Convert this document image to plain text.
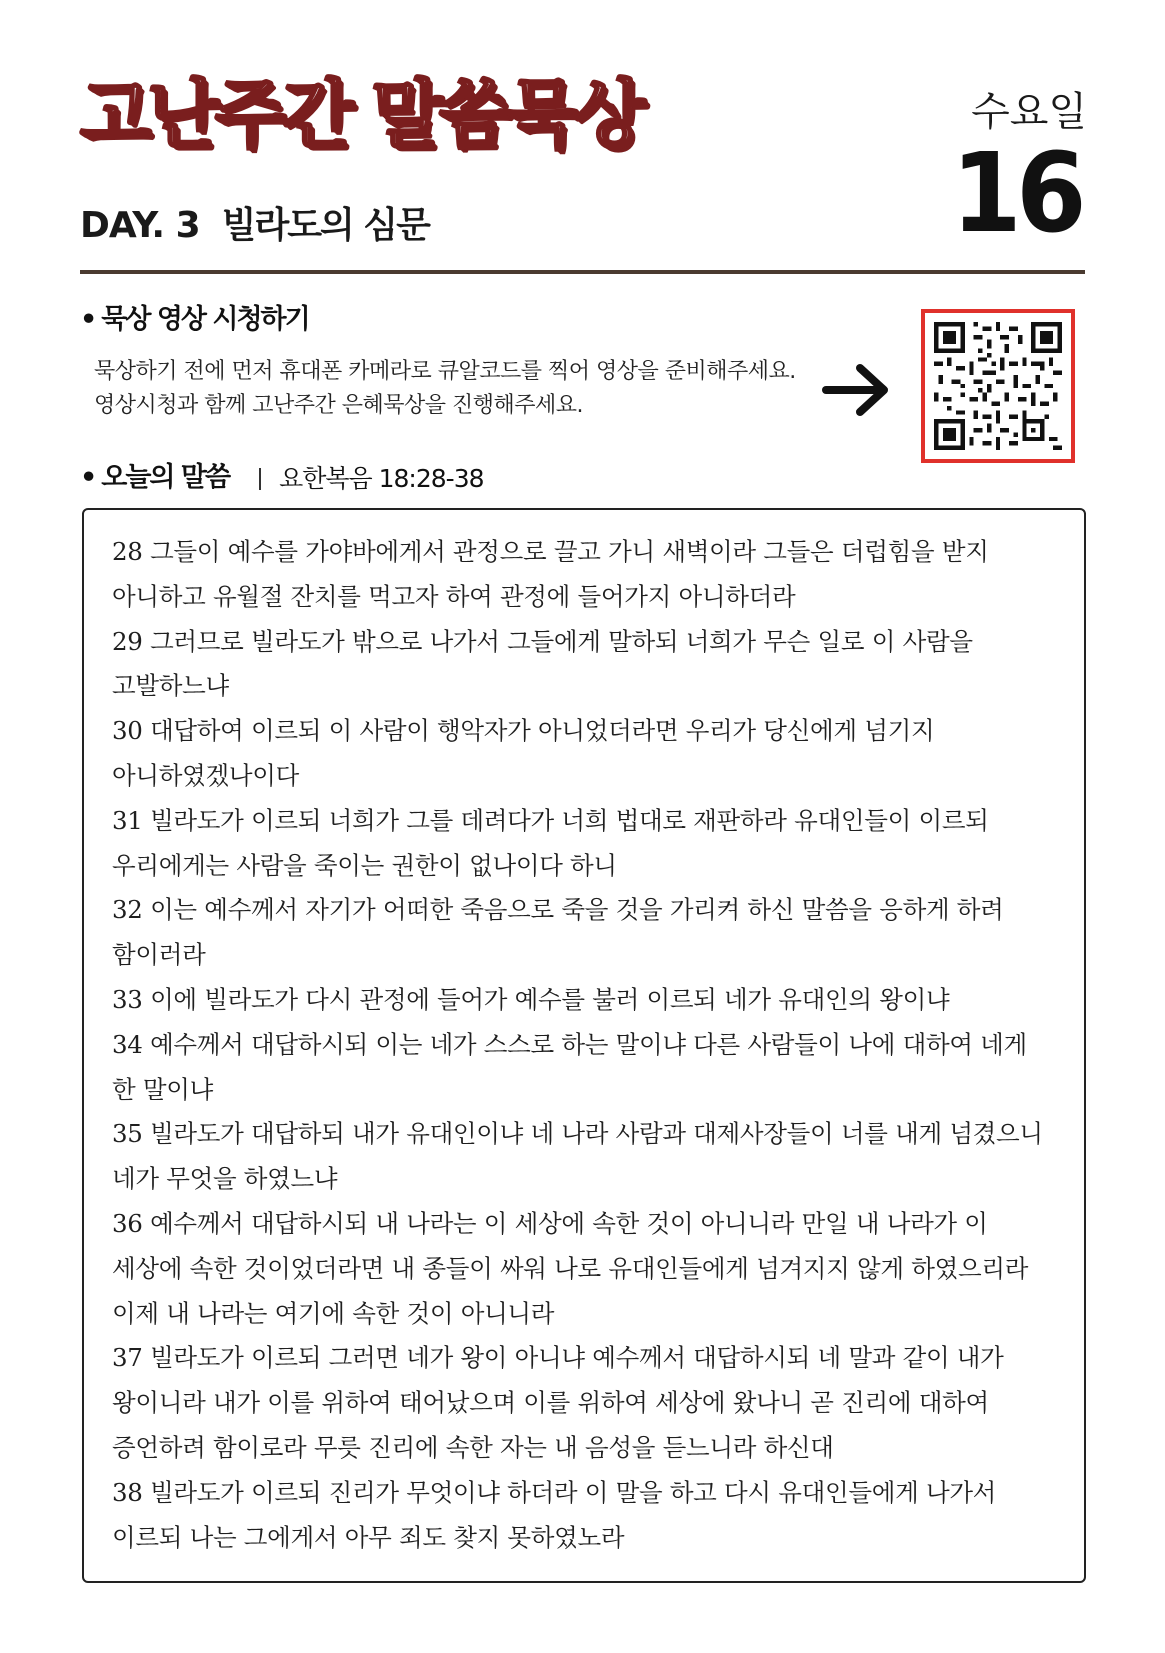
고난주간 말씀묵상
DAY. 3 빌라도의 심문
수요일
16
• 묵상 영상 시청하기
묵상하기 전에 먼저 휴대폰 카메라로 큐알코드를 찍어 영상을 준비해주세요. 영상시청과 함께 고난주간 은혜묵상을 진행해주세요.
• 오늘의 말씀 요한복음 18:28-38

28 그들이 예수를 가야바에게서 관정으로 끌고 가니 새벽이라 그들은 더럽힘을 받지 아니하고 유월절 잔치를 먹고자 하여 관정에 들어가지 아니하더라

29 그러므로 빌라도가 밖으로 나가서 그들에게 말하되 너희가 무슨 일로 이 사람을 고발하느냐

30 대답하여 이르되 이 사람이 행악자가 아니었더라면 우리가 당신에게 넘기지 아니하였겠나이다

31 빌라도가 이르되 너희가 그를 데려다가 너희 법대로 재판하라 유대인들이 이르되 우리에게는 사람을 죽이는 권한이 없나이다 하니

32 이는 예수께서 자기가 어떠한 죽음으로 죽을 것을 가리켜 하신 말씀을 응하게 하려 함이러라

33 이에 빌라도가 다시 관정에 들어가 예수를 불러 이르되 네가 유대인의 왕이냐

34 예수께서 대답하시되 이는 네가 스스로 하는 말이냐 다른 사람들이 나에 대하여 네게 한 말이냐

35 빌라도가 대답하되 내가 유대인이냐 네 나라 사람과 대제사장들이 너를 내게 넘겼으니 네가 무엇을 하였느냐

36 예수께서 대답하시되 내 나라는 이 세상에 속한 것이 아니니라 만일 내 나라가 이 세상에 속한 것이었더라면 내 종들이 싸워 나로 유대인들에게 넘겨지지 않게 하였으리라 이제 내 나라는 여기에 속한 것이 아니니라

37 빌라도가 이르되 그러면 네가 왕이 아니냐 예수께서 대답하시되 네 말과 같이 내가 왕이니라 내가 이를 위하여 태어났으며 이를 위하여 세상에 왔나니 곧 진리에 대하여 증언하려 함이로라 무릇 진리에 속한 자는 내 음성을 듣느니라 하신대

38 빌라도가 이르되 진리가 무엇이냐 하더라 이 말을 하고 다시 유대인들에게 나가서 이르되 나는 그에게서 아무 죄도 찾지 못하였노라
